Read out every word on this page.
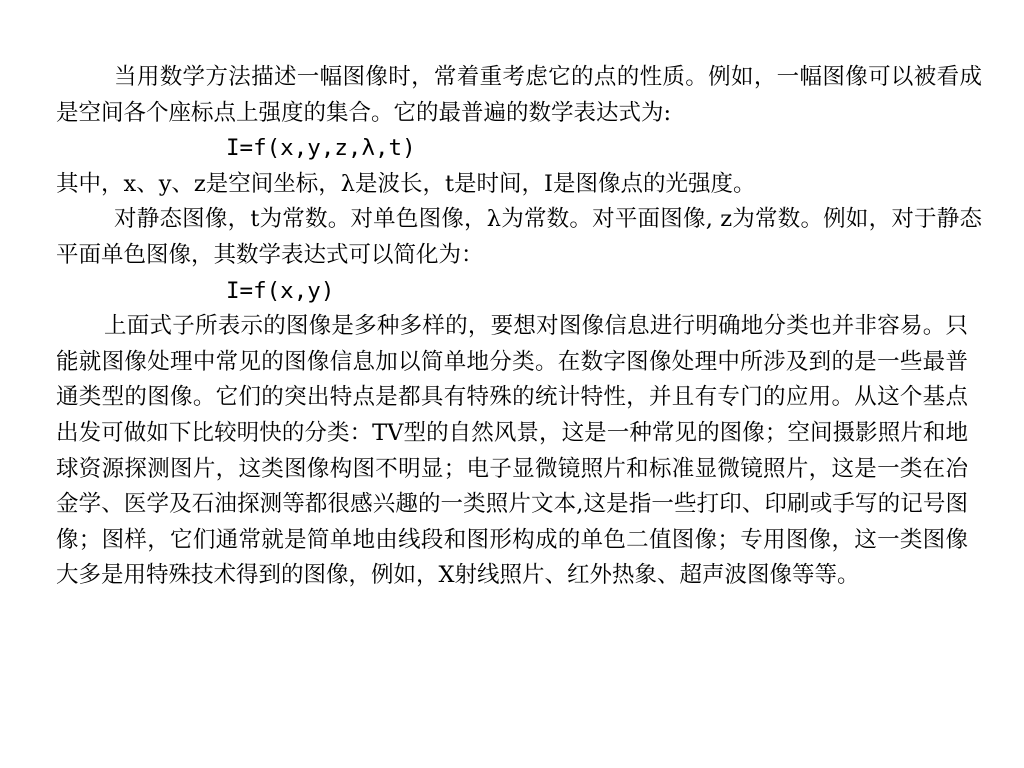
当用数学方法描述一幅图像时，常着重考虑它的点的性质。例如，一幅图像可以被看成是空间各个座标点上强度的集合。它的最普遍的数学表达式为:

I=f(x,y,z,λ,t)

其中，x、y、z是空间坐标，λ是波长，t是时间，I是图像点的光强度。

对静态图像，t为常数。对单色图像，λ为常数。对平面图像, z为常数。例如，对于静态平面单色图像，其数学表达式可以简化为：

I=f(x,y)

上面式子所表示的图像是多种多样的，要想对图像信息进行明确地分类也并非容易。只能就图像处理中常见的图像信息加以简单地分类。在数字图像处理中所涉及到的是一些最普通类型的图像。它们的突出特点是都具有特殊的统计特性，并且有专门的应用。从这个基点出发可做如下比较明快的分类：TV型的自然风景，这是一种常见的图像；空间摄影照片和地球资源探测图片，这类图像构图不明显；电子显微镜照片和标准显微镜照片，这是一类在冶金学、医学及石油探测等都很感兴趣的一类照片文本,这是指一些打印、印刷或手写的记号图像；图样，它们通常就是简单地由线段和图形构成的单色二值图像；专用图像，这一类图像大多是用特殊技术得到的图像，例如，X射线照片、红外热象、超声波图像等等。
